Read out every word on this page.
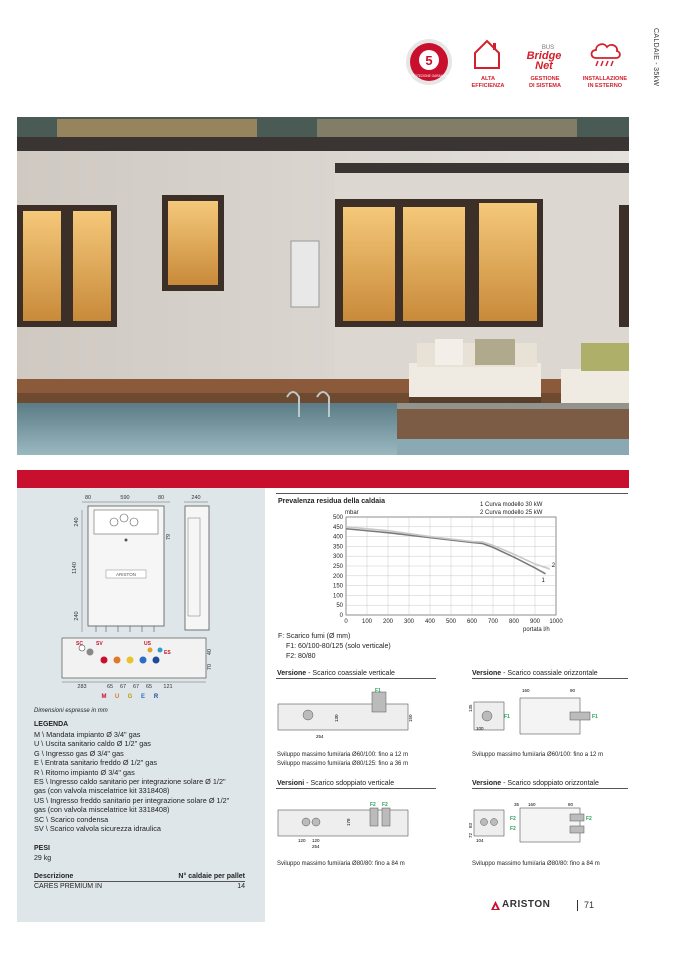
CALDAIE - 35kW
5
PROTEZIONE GARANZIA	ALTA
EFFICIENZA
BUS
Bridge
Net
GESTIONE
DI SISTEMA
INSTALLAZIONE
IN ESTERNO
80	590	80	240
240
1140
240
79
ARISTON
SC	SV	US
ES
283	65 67 67 65 121
40
70
M U G E R
Dimensioni espresse in mm
LEGENDA
M \ Mandata impianto Ø 3/4" gas
U \ Uscita sanitario caldo Ø 1/2" gas
G \ Ingresso gas Ø 3/4" gas
E \ Entrata sanitario freddo Ø 1/2" gas
R \ Ritorno impianto Ø 3/4" gas
ES \ Ingresso caldo sanitario per integrazione solare Ø 1/2"
gas (con valvola miscelatrice kit 3318408)
US \ Ingresso freddo sanitario per integrazione solare Ø 1/2"
gas (con valvola miscelatrice kit 3318408)
SC \ Scarico condensa
SV \ Scarico valvola sicurezza idraulica
PESI
29 kg
Descrizione	N° caldaie per pallet
CARES PREMIUM IN	14
Prevalenza residua della caldaia	1 Curva modello 30 kW
2 Curva modello 25 kW
mbar
portata l/h
1
2
0
50
100
150
200
250
300
350
400
450
500
0 100 200 300 400 500 600 700 800 900 1000
F: Scarico fumi (Ø mm)
F1: 60/100-80/125 (solo verticale)
F2: 80/80
Versione - Scarico coassiale verticale
F1
130	150
254
Sviluppo massimo fumi/aria Ø60/100: fino a 12 m
Sviluppo massimo fumi/aria Ø80/125: fino a 36 m
Versione - Scarico coassiale orizzontale
160	90
F1	F1
135
100
Sviluppo massimo fumi/aria Ø60/100: fino a 12 m
Versioni - Scarico sdoppiato verticale
F2 F2
178
120 120
254
Sviluppo massimo fumi/aria Ø80/80: fino a 84 m
Versione - Scarico sdoppiato orizzontale
35 160	80
F2
F2
F2
83
72
104
Sviluppo massimo fumi/aria Ø80/80: fino a 84 m
ARISTON	71
